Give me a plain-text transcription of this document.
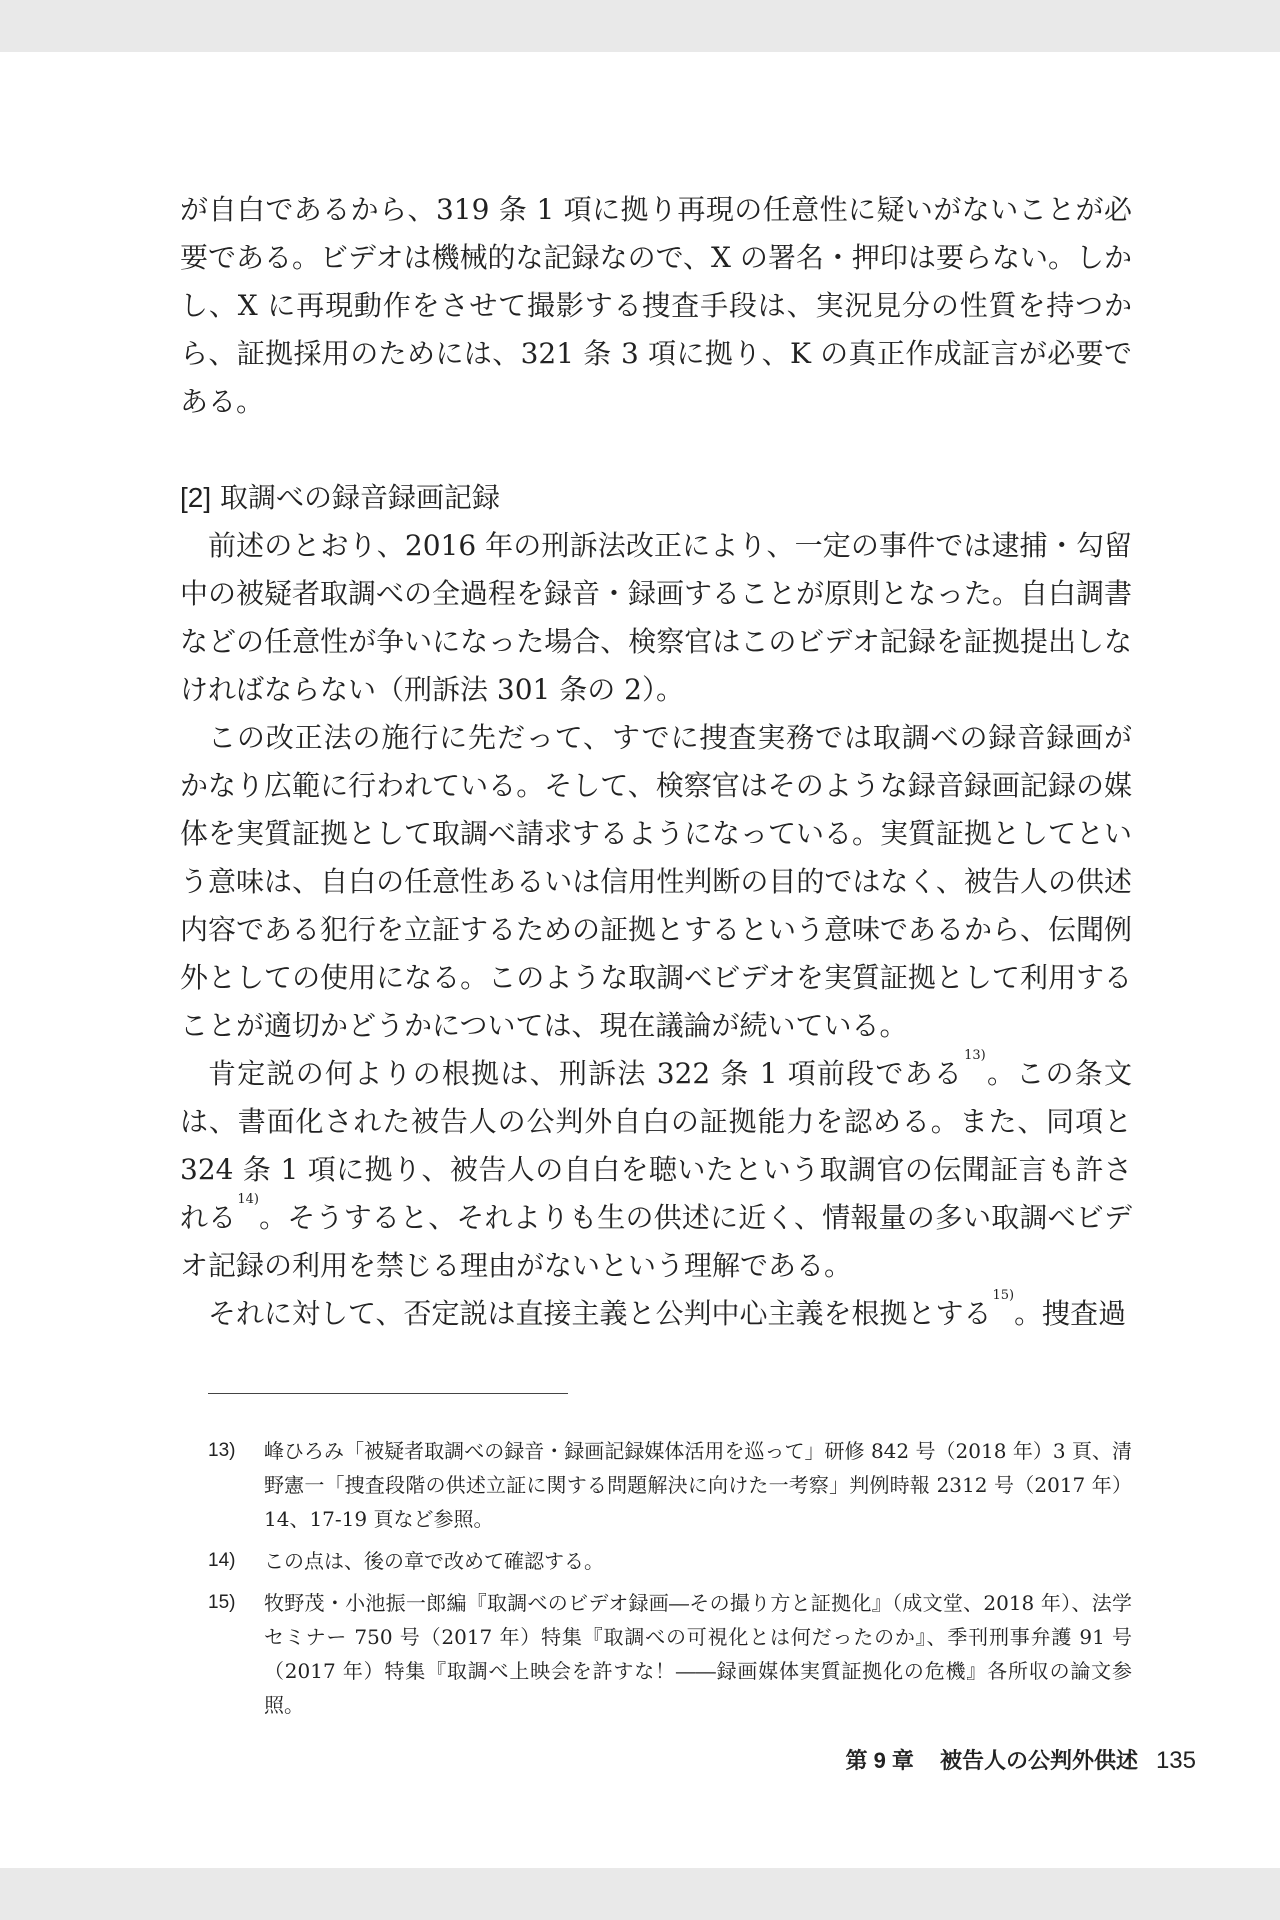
が自白であるから、319 条 1 項に拠り再現の任意性に疑いがないことが必要である。ビデオは機械的な記録なので、X の署名・押印は要らない。しかし、X に再現動作をさせて撮影する捜査手段は、実況見分の性質を持つから、証拠採用のためには、321 条 3 項に拠り、K の真正作成証言が必要である。

[2] 取調べの録音録画記録

前述のとおり、2016 年の刑訴法改正により、一定の事件では逮捕・勾留中の被疑者取調べの全過程を録音・録画することが原則となった。自白調書などの任意性が争いになった場合、検察官はこのビデオ記録を証拠提出しなければならない（刑訴法 301 条の 2）。

この改正法の施行に先だって、すでに捜査実務では取調べの録音録画がかなり広範に行われている。そして、検察官はそのような録音録画記録の媒体を実質証拠として取調べ請求するようになっている。実質証拠としてという意味は、自白の任意性あるいは信用性判断の目的ではなく、被告人の供述内容である犯行を立証するための証拠とするという意味であるから、伝聞例外としての使用になる。このような取調べビデオを実質証拠として利用することが適切かどうかについては、現在議論が続いている。

肯定説の何よりの根拠は、刑訴法 322 条 1 項前段である$^{13)}$。この条文は、書面化された被告人の公判外自白の証拠能力を認める。また、同項と 324 条 1 項に拠り、被告人の自白を聴いたという取調官の伝聞証言も許される$^{14)}$。そうすると、それよりも生の供述に近く、情報量の多い取調べビデオ記録の利用を禁じる理由がないという理解である。

それに対して、否定説は直接主義と公判中心主義を根拠とする$^{15)}$。捜査過

13)	峰ひろみ「被疑者取調べの録音・録画記録媒体活用を巡って」研修 842 号（2018 年）3 頁、清野憲一「捜査段階の供述立証に関する問題解決に向けた一考察」判例時報 2312 号（2017 年）14、17-19 頁など参照。
14)	この点は、後の章で改めて確認する。
15)	牧野茂・小池振一郎編『取調べのビデオ録画―その撮り方と証拠化』（成文堂、2018 年）、法学セミナー 750 号（2017 年）特集『取調べの可視化とは何だったのか』、季刊刑事弁護 91 号（2017 年）特集『取調べ上映会を許すな！――録画媒体実質証拠化の危機』各所収の論文参照。
第 9 章 被告人の公判外供述 135
